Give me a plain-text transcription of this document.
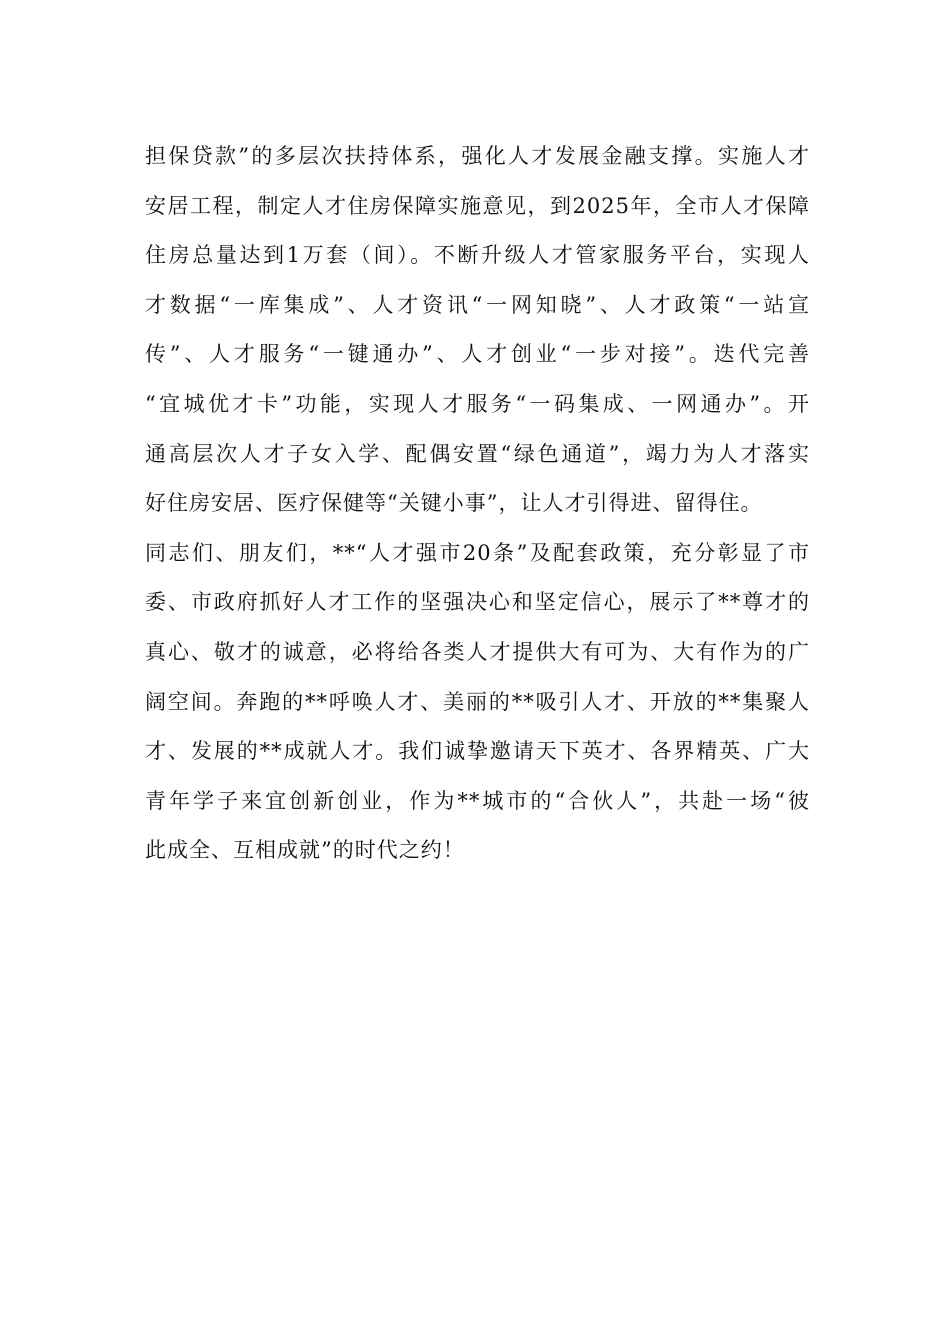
担保贷款”的多层次扶持体系，强化人才发展金融支撑。实施人才
安居工程，制定人才住房保障实施意见，到2025年，全市人才保障
住房总量达到1万套（间）。不断升级人才管家服务平台，实现人
才数据“一库集成”、人才资讯“一网知晓”、人才政策“一站宣
传”、人才服务“一键通办”、人才创业“一步对接”。迭代完善
“宜城优才卡”功能，实现人才服务“一码集成、一网通办”。开
通高层次人才子女入学、配偶安置“绿色通道”，竭力为人才落实
好住房安居、医疗保健等“关键小事”，让人才引得进、留得住。
同志们、朋友们，**“人才强市20条”及配套政策，充分彰显了市
委、市政府抓好人才工作的坚强决心和坚定信心，展示了**尊才的
真心、敬才的诚意，必将给各类人才提供大有可为、大有作为的广
阔空间。奔跑的**呼唤人才、美丽的**吸引人才、开放的**集聚人
才、发展的**成就人才。我们诚挚邀请天下英才、各界精英、广大
青年学子来宜创新创业，作为**城市的“合伙人”，共赴一场“彼
此成全、互相成就”的时代之约！
